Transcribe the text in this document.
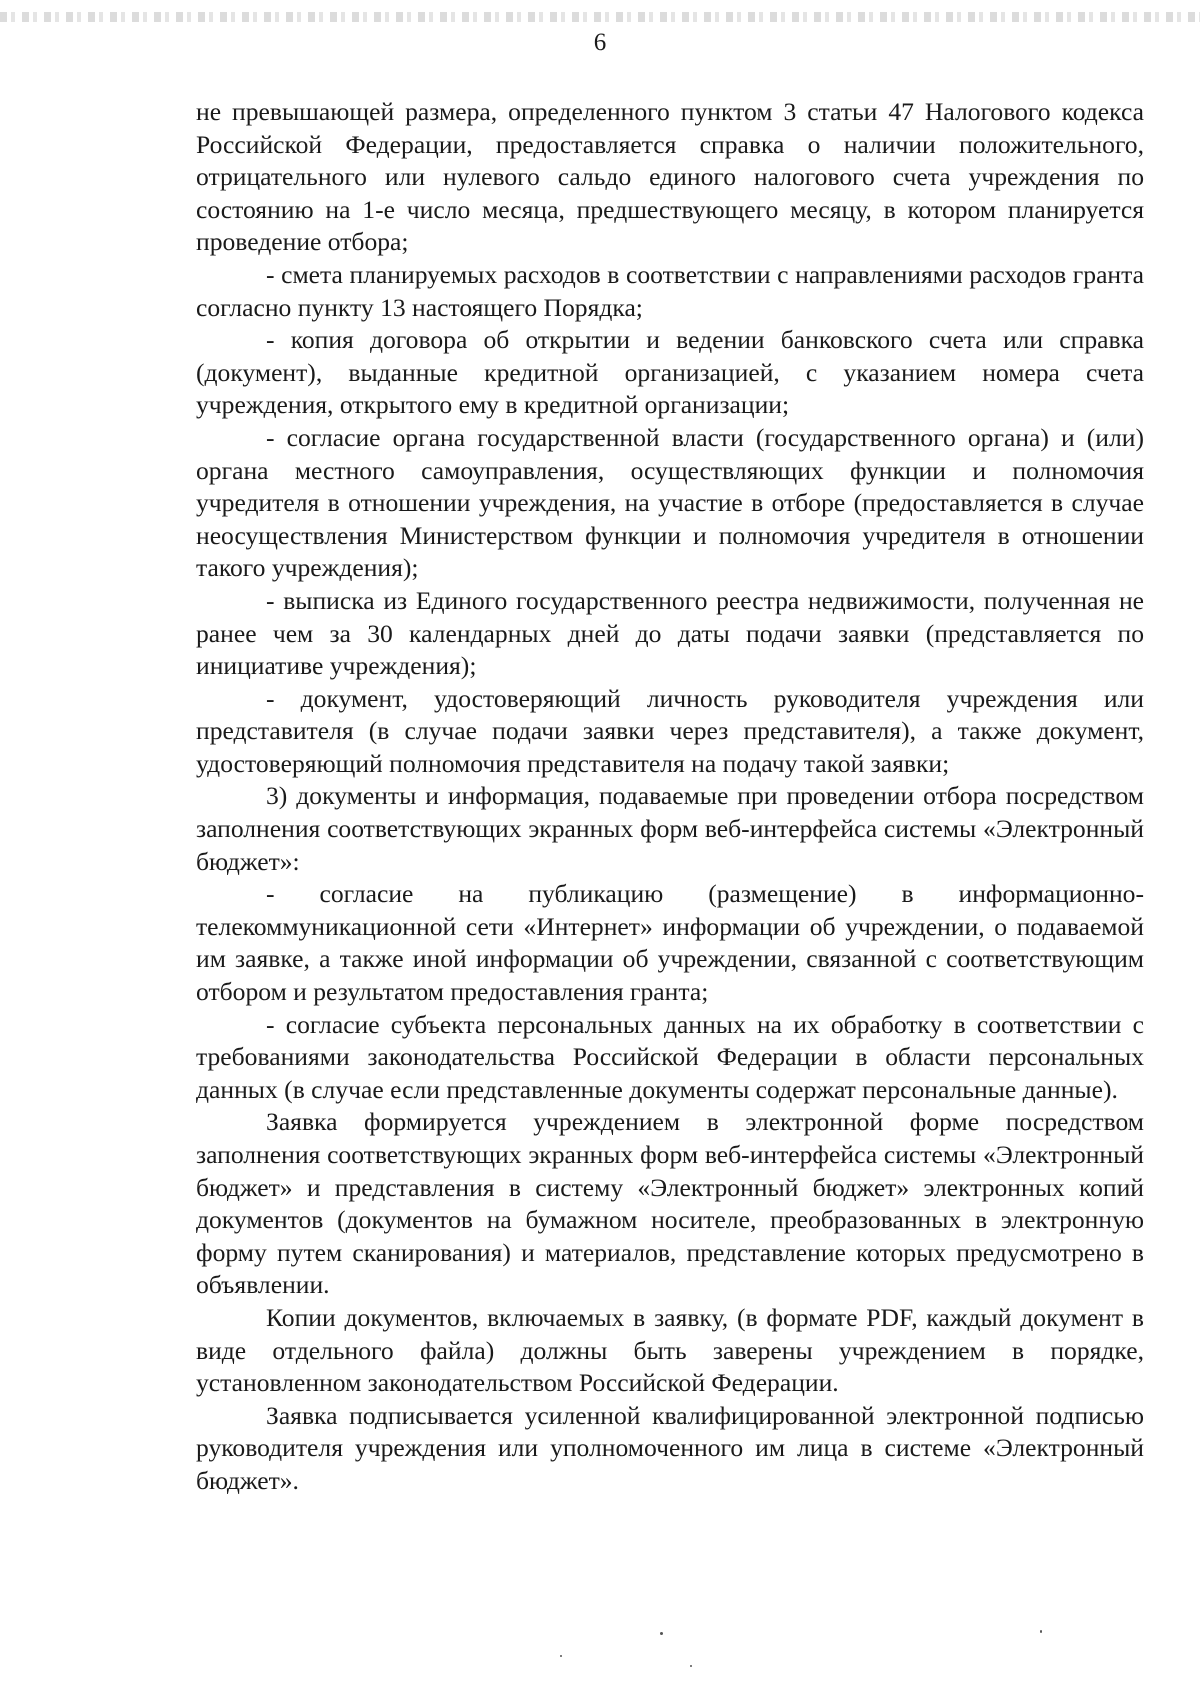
6

не превышающей размера, определенного пунктом 3 статьи 47 Налогового кодекса Российской Федерации, предоставляется справка о наличии положительного, отрицательного или нулевого сальдо единого налогового счета учреждения по состоянию на 1-е число месяца, предшествующего месяцу, в котором планируется проведение отбора;

- смета планируемых расходов в соответствии с направлениями расходов гранта согласно пункту 13 настоящего Порядка;

- копия договора об открытии и ведении банковского счета или справка (документ), выданные кредитной организацией, с указанием номера счета учреждения, открытого ему в кредитной организации;

- согласие органа государственной власти (государственного органа) и (или) органа местного самоуправления, осуществляющих функции и полномочия учредителя в отношении учреждения, на участие в отборе (предоставляется в случае неосуществления Министерством функции и полномочия учредителя в отношении такого учреждения);

- выписка из Единого государственного реестра недвижимости, полученная не ранее чем за 30 календарных дней до даты подачи заявки (представляется по инициативе учреждения);

- документ, удостоверяющий личность руководителя учреждения или представителя (в случае подачи заявки через представителя), а также документ, удостоверяющий полномочия представителя на подачу такой заявки;

3) документы и информация, подаваемые при проведении отбора посредством заполнения соответствующих экранных форм веб-интерфейса системы «Электронный бюджет»:

- согласие на публикацию (размещение) в информационно-телекоммуникационной сети «Интернет» информации об учреждении, о подаваемой им заявке, а также иной информации об учреждении, связанной с соответствующим отбором и результатом предоставления гранта;

- согласие субъекта персональных данных на их обработку в соответствии с требованиями законодательства Российской Федерации в области персональных данных (в случае если представленные документы содержат персональные данные).

Заявка формируется учреждением в электронной форме посредством заполнения соответствующих экранных форм веб-интерфейса системы «Электронный бюджет» и представления в систему «Электронный бюджет» электронных копий документов (документов на бумажном носителе, преобразованных в электронную форму путем сканирования) и материалов, представление которых предусмотрено в объявлении.

Копии документов, включаемых в заявку, (в формате PDF, каждый документ в виде отдельного файла) должны быть заверены учреждением в порядке, установленном законодательством Российской Федерации.

Заявка подписывается усиленной квалифицированной электронной подписью руководителя учреждения или уполномоченного им лица в системе «Электронный бюджет».
